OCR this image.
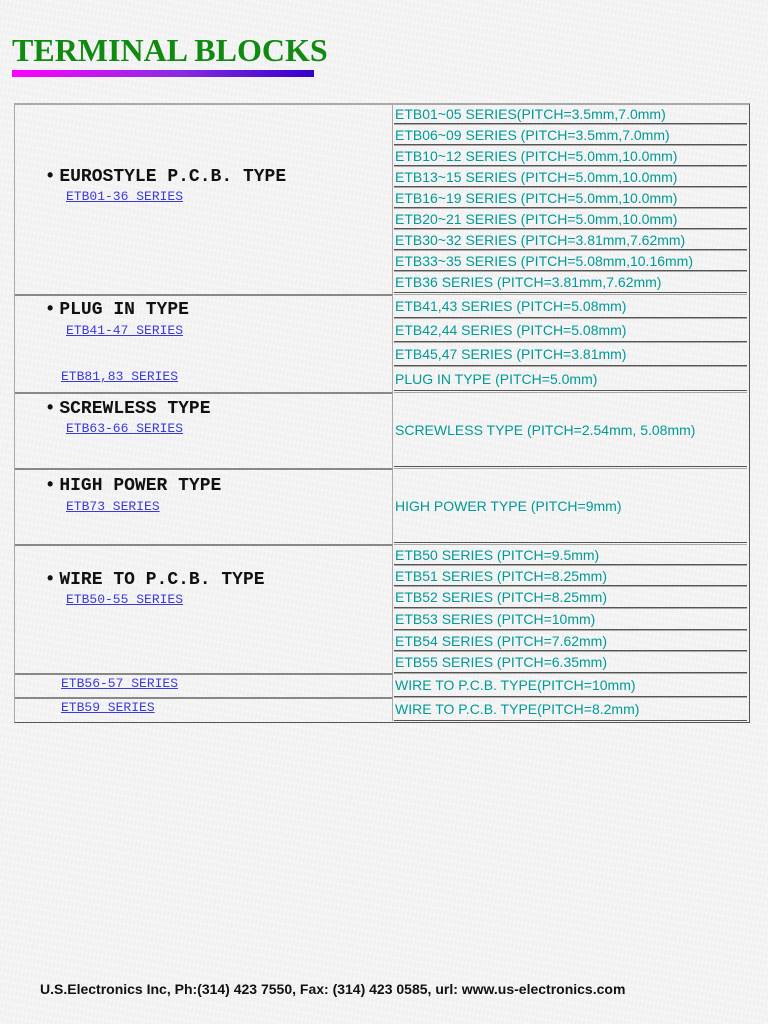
TERMINAL BLOCKS
• EUROSTYLE P.C.B. TYPE
ETB01-36 SERIES
• PLUG IN TYPE
ETB41-47 SERIES
ETB81,83 SERIES
• SCREWLESS TYPE
ETB63-66 SERIES
• HIGH POWER TYPE
ETB73 SERIES
• WIRE TO P.C.B. TYPE
ETB50-55 SERIES
ETB56-57 SERIES
ETB59 SERIES
ETB01~05 SERIES(PITCH=3.5mm,7.0mm)
ETB06~09 SERIES (PITCH=3.5mm,7.0mm)
ETB10~12 SERIES (PITCH=5.0mm,10.0mm)
ETB13~15 SERIES (PITCH=5.0mm,10.0mm)
ETB16~19 SERIES (PITCH=5.0mm,10.0mm)
ETB20~21 SERIES (PITCH=5.0mm,10.0mm)
ETB30~32 SERIES (PITCH=3.81mm,7.62mm)
ETB33~35 SERIES (PITCH=5.08mm,10.16mm)
ETB36 SERIES (PITCH=3.81mm,7.62mm)
ETB41,43 SERIES (PITCH=5.08mm)
ETB42,44 SERIES (PITCH=5.08mm)
ETB45,47 SERIES (PITCH=3.81mm)
PLUG IN TYPE (PITCH=5.0mm)
SCREWLESS TYPE (PITCH=2.54mm, 5.08mm)
HIGH POWER TYPE (PITCH=9mm)
ETB50 SERIES (PITCH=9.5mm)
ETB51 SERIES (PITCH=8.25mm)
ETB52 SERIES (PITCH=8.25mm)
ETB53 SERIES (PITCH=10mm)
ETB54 SERIES (PITCH=7.62mm)
ETB55 SERIES (PITCH=6.35mm)
WIRE TO P.C.B. TYPE(PITCH=10mm)
WIRE TO P.C.B. TYPE(PITCH=8.2mm)
U.S.Electronics Inc, Ph:(314) 423 7550, Fax: (314) 423 0585, url: www.us-electronics.com
